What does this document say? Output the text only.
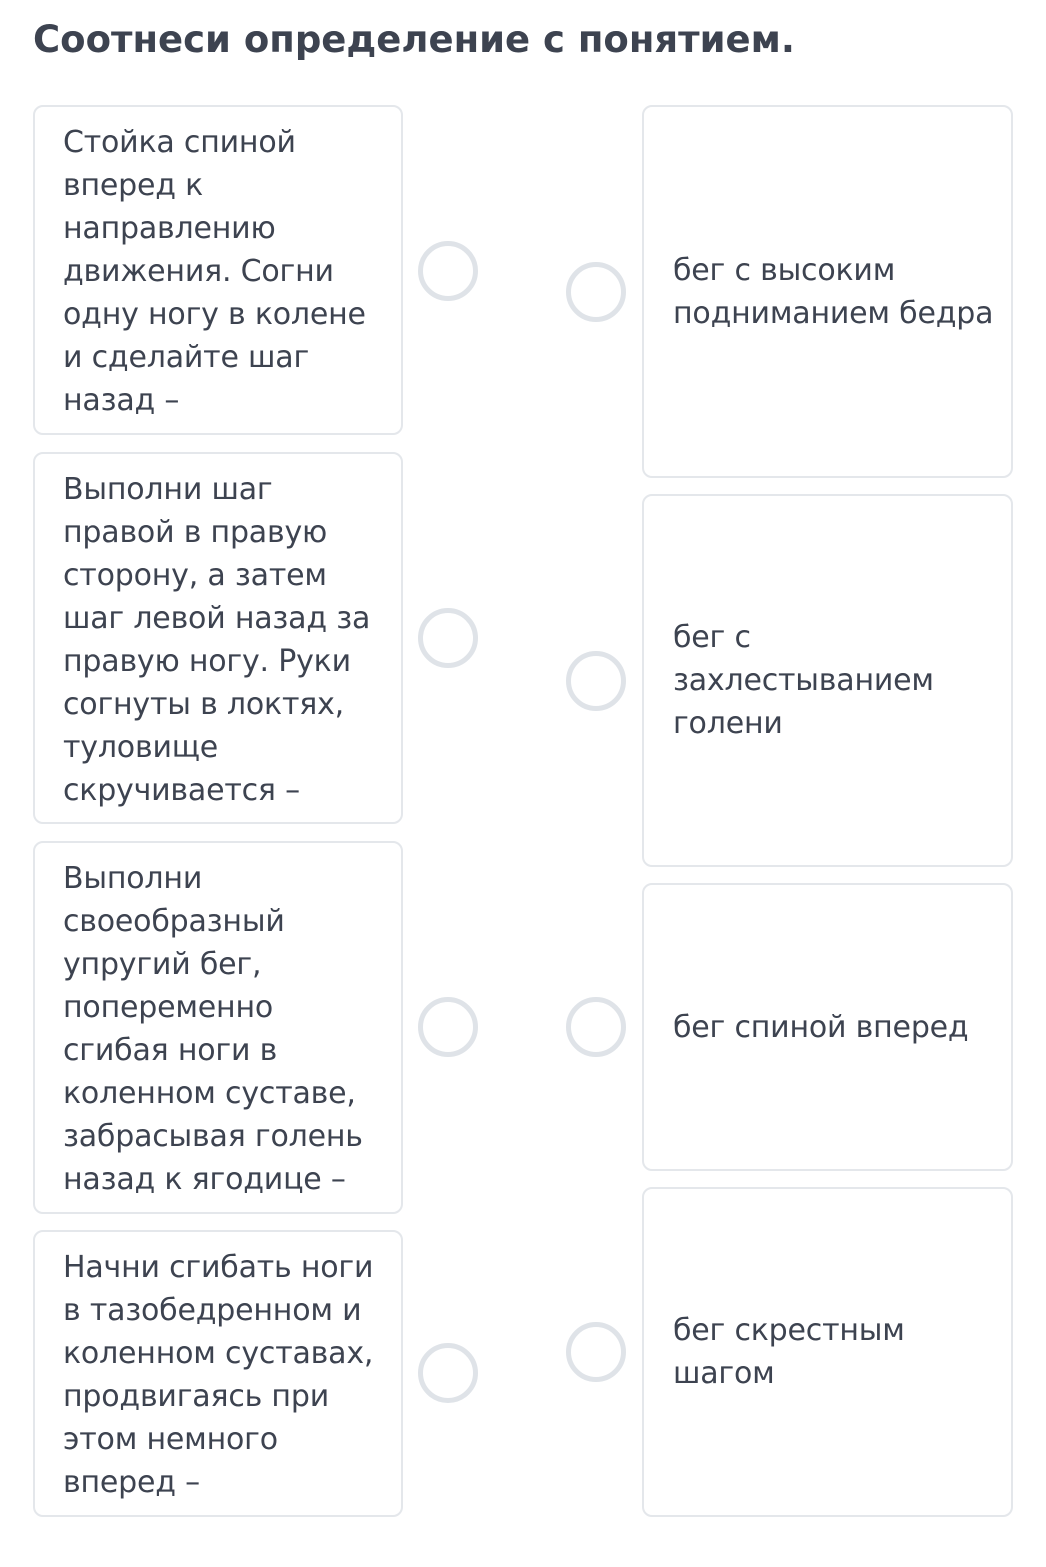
Соотнеси определение с понятием.
Стойка спиной вперед к направлению движения. Согни одну ногу в колене и сделайте шаг назад –
Выполни шаг правой в правую сторону, а затем шаг левой назад за правую ногу. Руки согнуты в локтях, туловище скручивается –
Выполни своеобразный упругий бег, попеременно сгибая ноги в коленном суставе, забрасывая голень назад к ягодице –
Начни сгибать ноги в тазобедренном и коленном суставах, продвигаясь при этом немного вперед –
бег с высоким подниманием бедра
бег с захлестыванием голени
бег спиной вперед
бег скрестным шагом
